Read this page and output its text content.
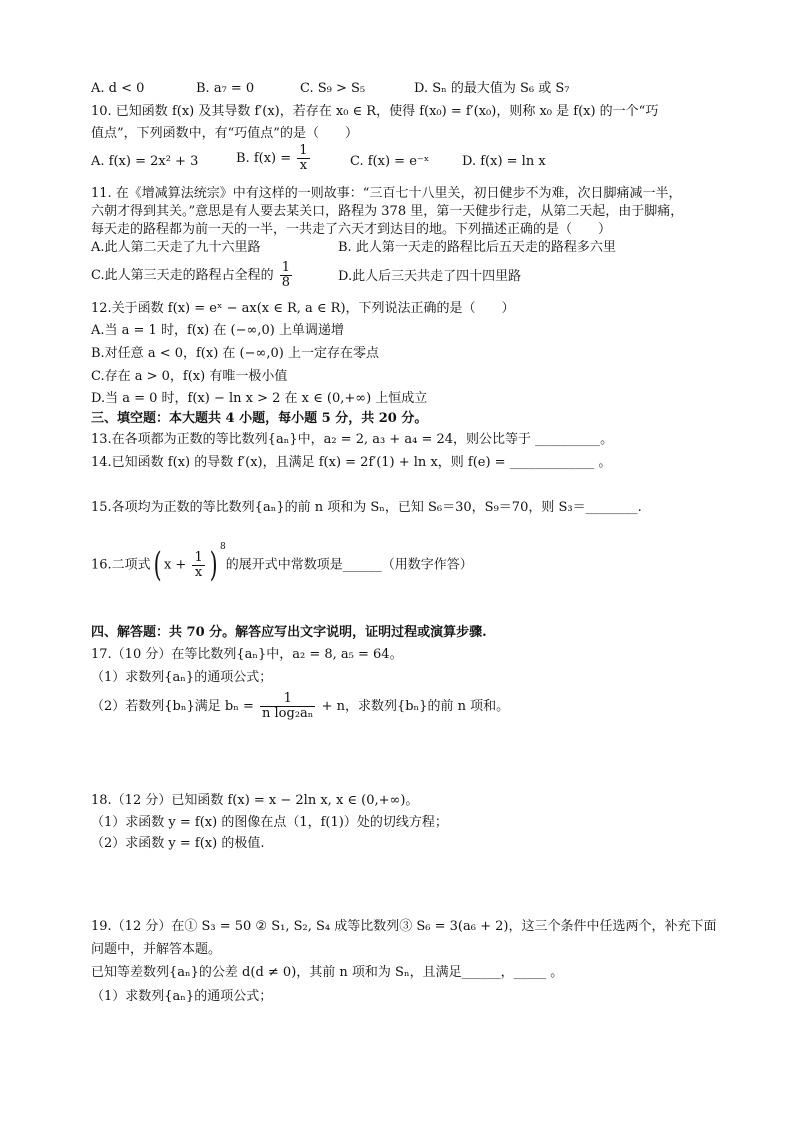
A. d < 0	B. a₇ = 0	C. S₉ > S₅	D. Sₙ 的最大值为 S₆ 或 S₇
10. 已知函数 f(x) 及其导数 f′(x)，若存在 x₀ ∈ R，使得 f(x₀) = f′(x₀)，则称 x₀ 是 f(x) 的一个“巧
值点”，下列函数中，有“巧值点”的是（　　）
A. f(x) = 2x² + 3	B. $f(x) = \frac{1}{x}$	C. f(x) = e⁻ˣ	D. f(x) = ln x
11. 在《增减算法统宗》中有这样的一则故事：“三百七十八里关，初日健步不为难，次日脚痛减一半，
六朝才得到其关。”意思是有人要去某关口，路程为 378 里，第一天健步行走，从第二天起，由于脚痛，
每天走的路程都为前一天的一半，一共走了六天才到达目的地。下列描述正确的是（　　）
A.此人第二天走了九十六里路	B. 此人第一天走的路程比后五天走的路程多六里
C.此人第三天走的路程占全程的 $\frac{1}{8}$	D.此人后三天共走了四十四里路
12.关于函数 f(x) = eˣ − ax(x ∈ R, a ∈ R)，下列说法正确的是（　　）
A.当 a = 1 时，f(x) 在 (−∞,0) 上单调递增
B.对任意 a < 0，f(x) 在 (−∞,0) 上一定存在零点
C.存在 a > 0，f(x) 有唯一极小值
D.当 a = 0 时，f(x) − ln x > 2 在 x ∈ (0,+∞) 上恒成立
三、填空题：本大题共 4 小题，每小题 5 分，共 20 分。
13.在各项都为正数的等比数列{aₙ}中，a₂ = 2, a₃ + a₄ = 24，则公比等于 __________。
14.已知函数 f(x) 的导数 f′(x)，且满足 f(x) = 2f′(1) + ln x，则 f(e) = _____________ 。
15.各项均为正数的等比数列{aₙ}的前 n 项和为 Sₙ，已知 S₆＝30，S₉＝70，则 S₃＝________.
16.二项式( $x + \frac{1}{x}$ ) $^8$的展开式中常数项是______（用数字作答）
四、解答题：共 70 分。解答应写出文字说明，证明过程或演算步骤.
17.（10 分）在等比数列{aₙ}中，a₂ = 8, a₅ = 64。
（1）求数列{aₙ}的通项公式；
（2）若数列{bₙ}满足 $b_n = \frac{1}{\text{n log₂aₙ}} + n$，求数列{bₙ}的前 n 项和。
18.（12 分）已知函数 f(x) = x − 2ln x, x ∈ (0,+∞)。
（1）求函数 y = f(x) 的图像在点（1，f(1)）处的切线方程；
（2）求函数 y = f(x) 的极值.
19.（12 分）在① S₃ = 50 ② S₁, S₂, S₄ 成等比数列③ S₆ = 3(a₆ + 2)，这三个条件中任选两个，补充下面
问题中，并解答本题。
已知等差数列{aₙ}的公差 d(d ≠ 0)，其前 n 项和为 Sₙ，且满足______，_____ 。
（1）求数列{aₙ}的通项公式；
